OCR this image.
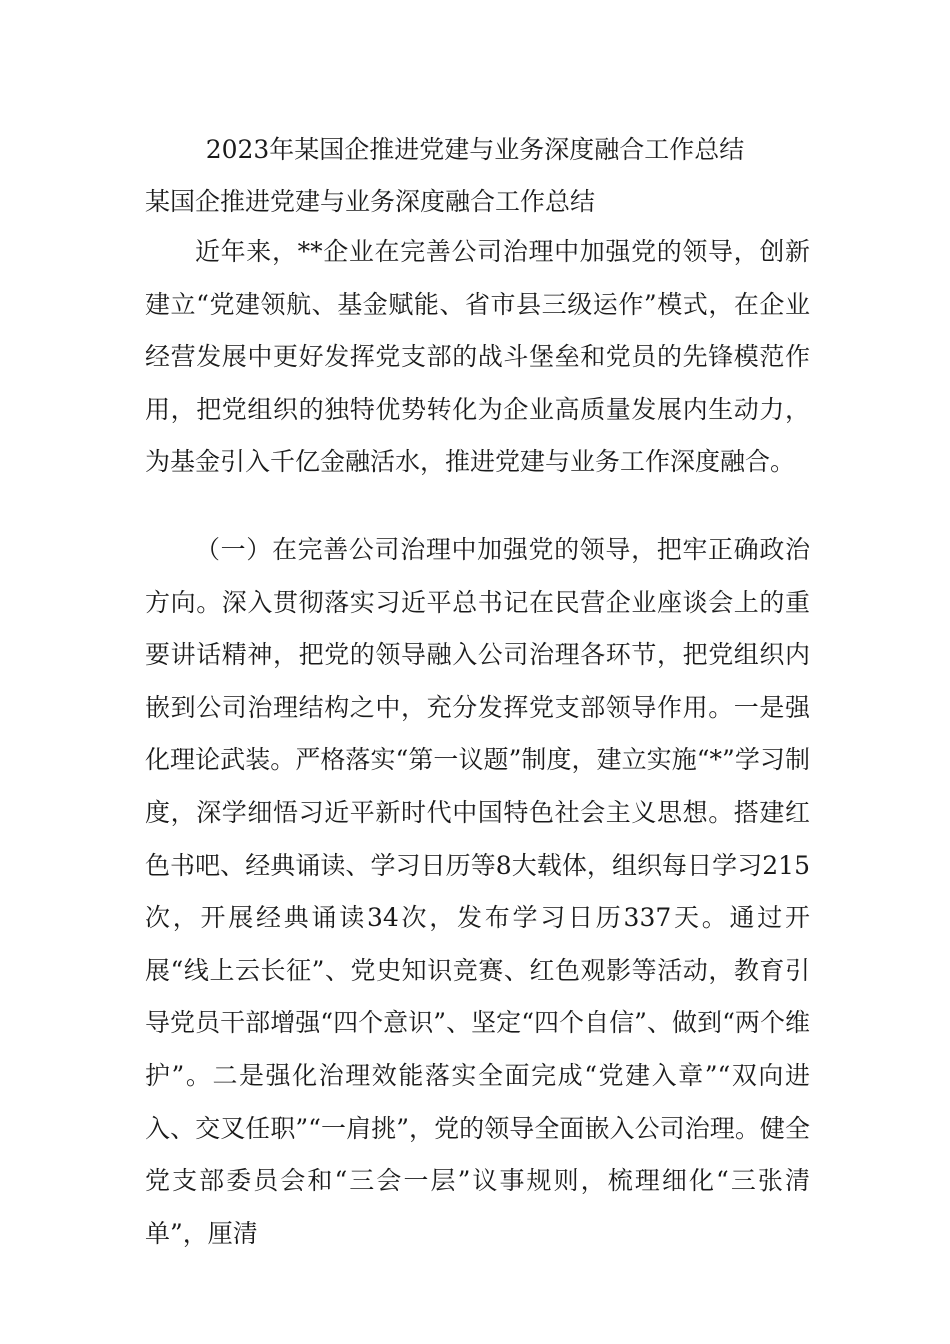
2023年某国企推进党建与业务深度融合工作总结

某国企推进党建与业务深度融合工作总结

近年来，**企业在完善公司治理中加强党的领导，创新建立“党建领航、基金赋能、省市县三级运作”模式，在企业经营发展中更好发挥党支部的战斗堡垒和党员的先锋模范作用，把党组织的独特优势转化为企业高质量发展内生动力，为基金引入千亿金融活水，推进党建与业务工作深度融合。

（一）在完善公司治理中加强党的领导，把牢正确政治方向。深入贯彻落实习近平总书记在民营企业座谈会上的重要讲话精神，把党的领导融入公司治理各环节，把党组织内嵌到公司治理结构之中，充分发挥党支部领导作用。一是强化理论武装。严格落实“第一议题”制度，建立实施“*”学习制度，深学细悟习近平新时代中国特色社会主义思想。搭建红色书吧、经典诵读、学习日历等8大载体，组织每日学习215次，开展经典诵读34次，发布学习日历337天。通过开展“线上云长征”、党史知识竞赛、红色观影等活动，教育引导党员干部增强“四个意识”、坚定“四个自信”、做到“两个维护”。二是强化治理效能落实全面完成“党建入章”“双向进入、交叉任职”“一肩挑”，党的领导全面嵌入公司治理。健全党支部委员会和“三会一层”议事规则，梳理细化“三张清单”，厘清
